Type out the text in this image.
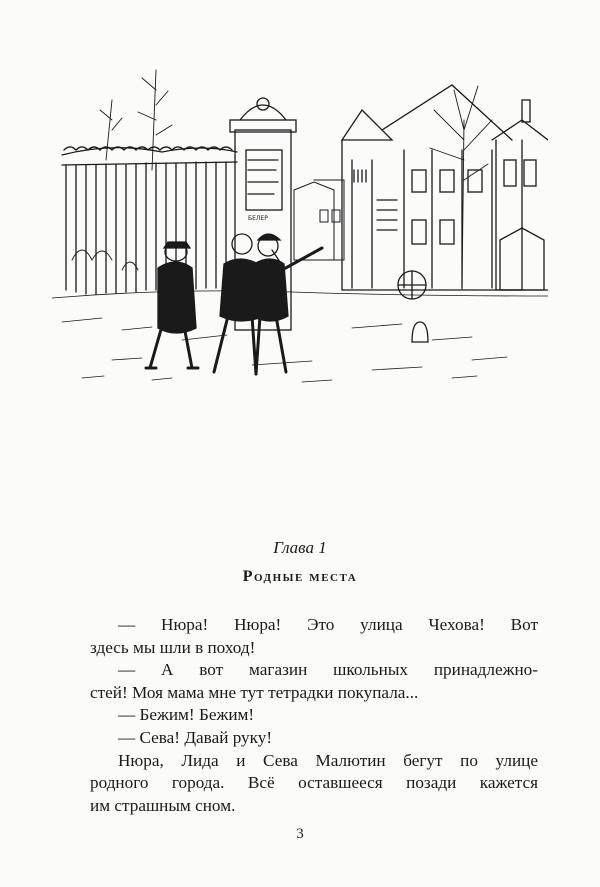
БЕЛЕР
Глава 1
Родные места
— Нюра! Нюра! Это улица Чехова! Вот
здесь мы шли в поход!
— А вот магазин школьных принадлежно-
стей! Моя мама мне тут тетрадки покупала...
— Бежим! Бежим!
— Сева! Давай руку!
Нюра, Лида и Сева Малютин бегут по улице
родного города. Всё оставшееся позади кажется
им страшным сном.
3
